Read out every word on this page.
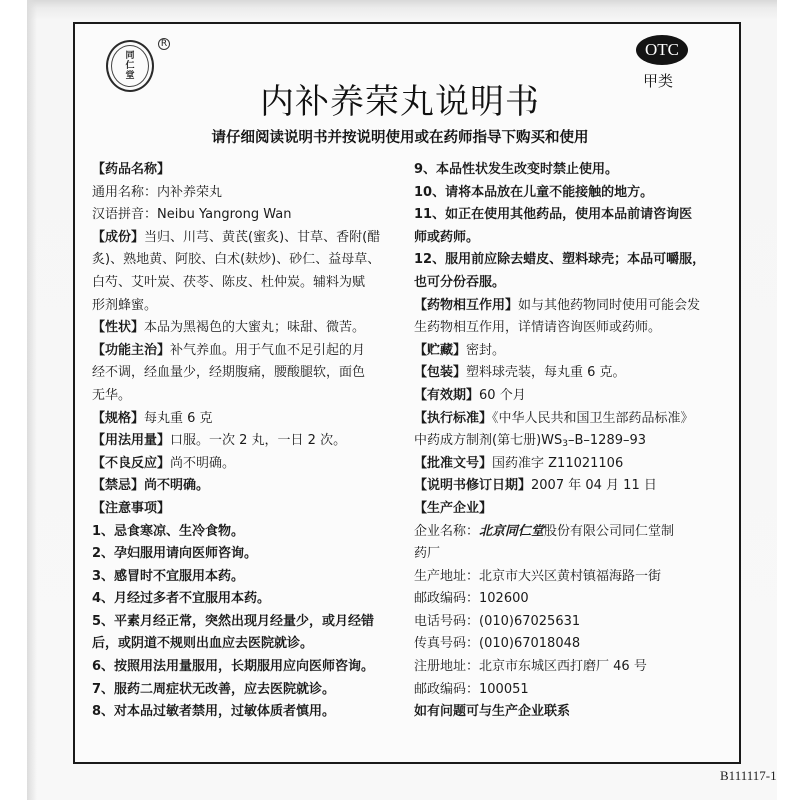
同
仁
堂
R
内补养荣丸说明书
请仔细阅读说明书并按说明使用或在药师指导下购买和使用
OTC
甲类
【药品名称】
通用名称：内补养荣丸
汉语拼音：Neibu Yangrong Wan
【成份】当归、川芎、黄芪(蜜炙)、甘草、香附(醋
炙)、熟地黄、阿胶、白术(麸炒)、砂仁、益母草、
白芍、艾叶炭、茯苓、陈皮、杜仲炭。辅料为赋
形剂蜂蜜。
【性状】本品为黑褐色的大蜜丸；味甜、微苦。
【功能主治】补气养血。用于气血不足引起的月
经不调，经血量少，经期腹痛，腰酸腿软，面色
无华。
【规格】每丸重 6 克
【用法用量】口服。一次 2 丸，一日 2 次。
【不良反应】尚不明确。
【禁忌】尚不明确。
【注意事项】
1、忌食寒凉、生冷食物。
2、孕妇服用请向医师咨询。
3、感冒时不宜服用本药。
4、月经过多者不宜服用本药。
5、平素月经正常，突然出现月经量少，或月经错
后，或阴道不规则出血应去医院就诊。
6、按照用法用量服用，长期服用应向医师咨询。
7、服药二周症状无改善，应去医院就诊。
8、对本品过敏者禁用，过敏体质者慎用。
9、本品性状发生改变时禁止使用。
10、请将本品放在儿童不能接触的地方。
11、如正在使用其他药品，使用本品前请咨询医
师或药师。
12、服用前应除去蜡皮、塑料球壳；本品可嚼服，
也可分份吞服。
【药物相互作用】如与其他药物同时使用可能会发
生药物相互作用，详情请咨询医师或药师。
【贮藏】密封。
【包装】塑料球壳装，每丸重 6 克。
【有效期】60 个月
【执行标准】《中华人民共和国卫生部药品标准》
中药成方制剂(第七册)$WS_3-B-1289-93$
【批准文号】国药准字 Z11021106
【说明书修订日期】2007 年 04 月 11 日
【生产企业】
企业名称：北京同仁堂股份有限公司同仁堂制
药厂
生产地址：北京市大兴区黄村镇福海路一街
邮政编码：102600
电话号码：(010)67025631
传真号码：(010)67018048
注册地址：北京市东城区西打磨厂 46 号
邮政编码：100051
如有问题可与生产企业联系
B111117-1
